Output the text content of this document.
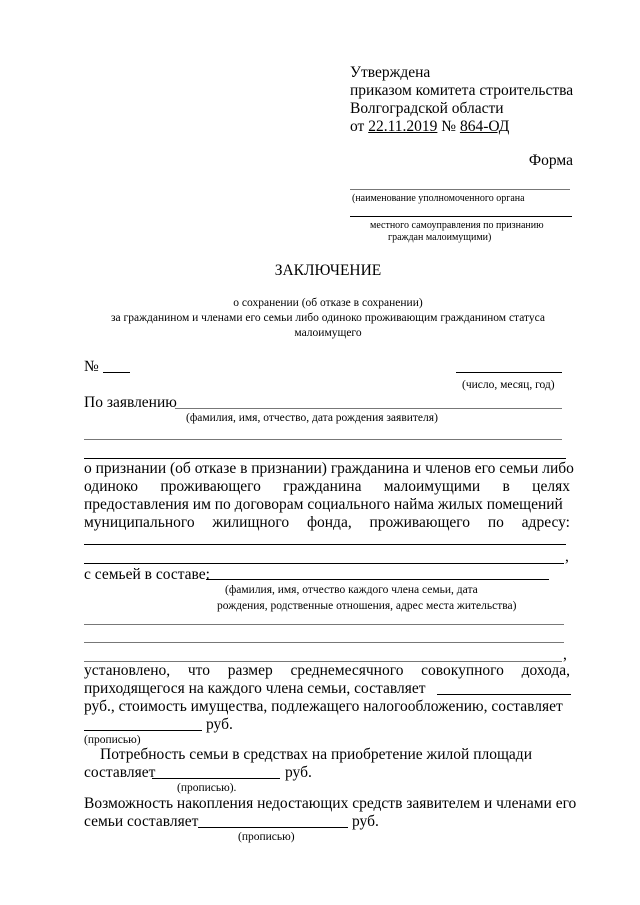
Утверждена
приказом комитета строительства
Волгоградской области
от 22.11.2019 № 864-ОД
Форма
(наименование уполномоченного органа
местного самоуправления по признанию
граждан малоимущими)
ЗАКЛЮЧЕНИЕ
о сохранении (об отказе в сохранении)
за гражданином и членами его семьи либо одиноко проживающим гражданином статуса
малоимущего
№
(число, месяц, год)
По заявлению
(фамилия, имя, отчество, дата рождения заявителя)
о признании (об отказе в признании) гражданина и членов его семьи либо
одиноко проживающего гражданина малоимущими в целях
предоставления им по договорам социального найма жилых помещений
муниципального жилищного фонда, проживающего по адресу:
,
с семьей в составе:
(фамилия, имя, отчество каждого члена семьи, дата
рождения, родственные отношения, адрес места жительства)
,
установлено, что размер среднемесячного совокупного дохода,
приходящегося на каждого члена семьи, составляет
руб., стоимость имущества, подлежащего налогообложению, составляет
руб.
(прописью)
Потребность семьи в средствах на приобретение жилой площади
составляет	руб.
(прописью).
Возможность накопления недостающих средств заявителем и членами его
семьи составляет	руб.
(прописью)
